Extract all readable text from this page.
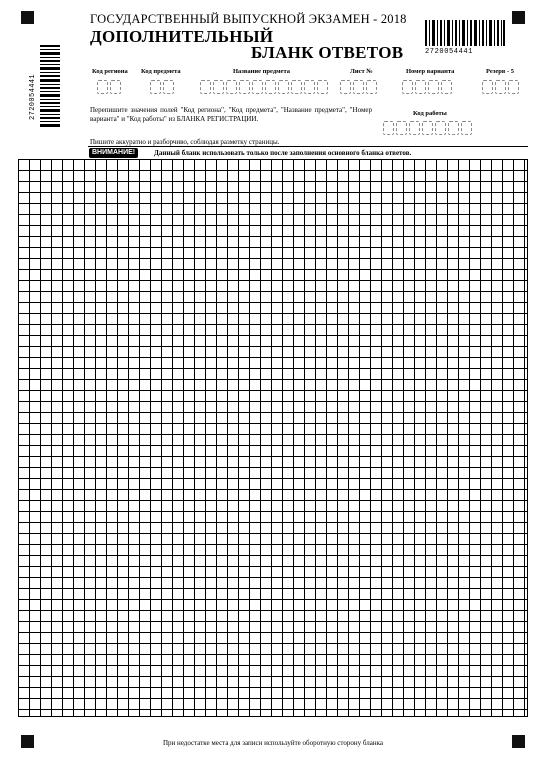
ГОСУДАРСТВЕННЫЙ ВЫПУСКНОЙ ЭКЗАМЕН - 2018
ДОПОЛНИТЕЛЬНЫЙ
БЛАНК ОТВЕТОВ	2720054441
2720054441
Код региона Код предмета	Название предмета	Лист №	Номер варианта	Резерв - 5
Код работы
Перепишите значения полей "Код региона", "Код предмета", "Название предмета", "Номер варианта" и "Код работы" из БЛАНКА РЕГИСТРАЦИИ.
Пишите аккуратно и разборчиво, соблюдая разметку страницы.
ВНИМАНИЕ!	Данный бланк использовать только после заполнения основного бланка ответов.
При недостатке места для записи используйте оборотную сторону бланка
